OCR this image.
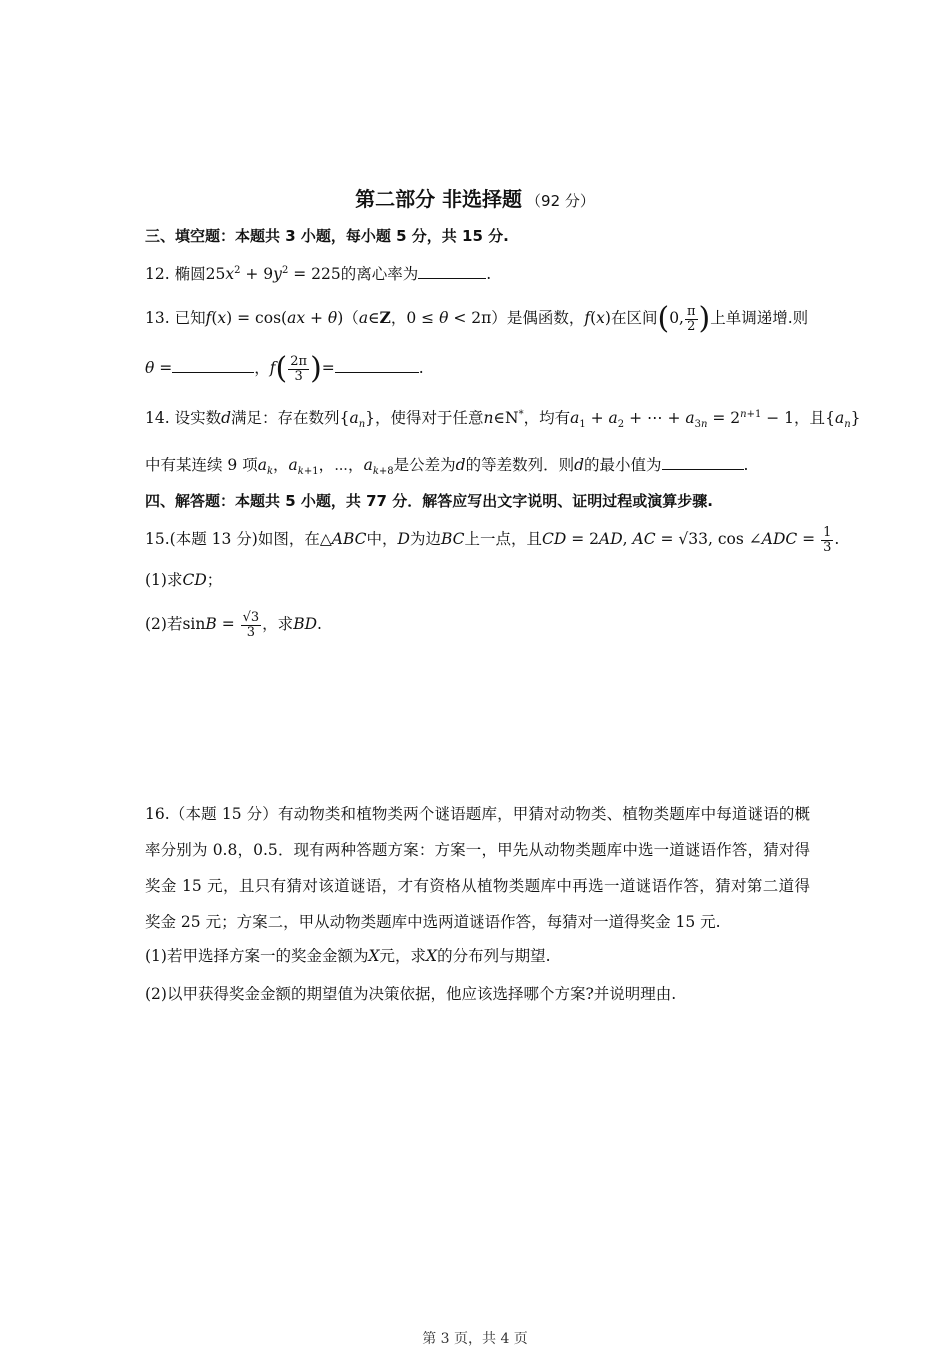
第二部分 非选择题 （92 分）
三、填空题：本题共 3 小题，每小题 5 分，共 15 分.
12. 椭圆$25x^2 + 9y^2 = 225$的离心率为	.
13. 已知f(x) = cos(ax + θ)（a∈Z，0 ≤ θ < 2π）是偶函数，f(x)在区间(0, $\frac{\pi}{2}$ )上单调递增.则
θ =	，$f( \frac{2\pi}{3}$ )=	.
14. 设实数d满足：存在数列$\{a_n\}$，使得对于任意n∈N*，均有$a_1 + a_2$ + ⋯ + $a_{3n} = 2^{n+1} - 1$，且$\{a_n\}$
中有某连续 9 项$a_k$，$a_{k+1}$，⋯，$a_{k+8}$是公差为d的等差数列．则d的最小值为	.
四、解答题：本题共 5 小题，共 77 分．解答应写出文字说明、证明过程或演算步骤.
15.(本题 13 分)如图，在△ABC中，D为边BC上一点，且CD = 2AD, AC = √33, cos ∠ADC = $\frac{1}{3}$ .
(1)求CD；
(2)若$\sin B = \frac{√3}{3}$ ，求BD.
16.（本题 15 分）有动物类和植物类两个谜语题库，甲猜对动物类、植物类题库中每道谜语的概率分别为 0.8，0.5．现有两种答题方案：方案一，甲先从动物类题库中选一道谜语作答，猜对得奖金 15 元，且只有猜对该道谜语，才有资格从植物类题库中再选一道谜语作答，猜对第二道得奖金 25 元；方案二，甲从动物类题库中选两道谜语作答，每猜对一道得奖金 15 元.
(1)若甲选择方案一的奖金金额为X元，求X的分布列与期望.
(2)以甲获得奖金金额的期望值为决策依据，他应该选择哪个方案?并说明理由.
第 3 页，共 4 页
